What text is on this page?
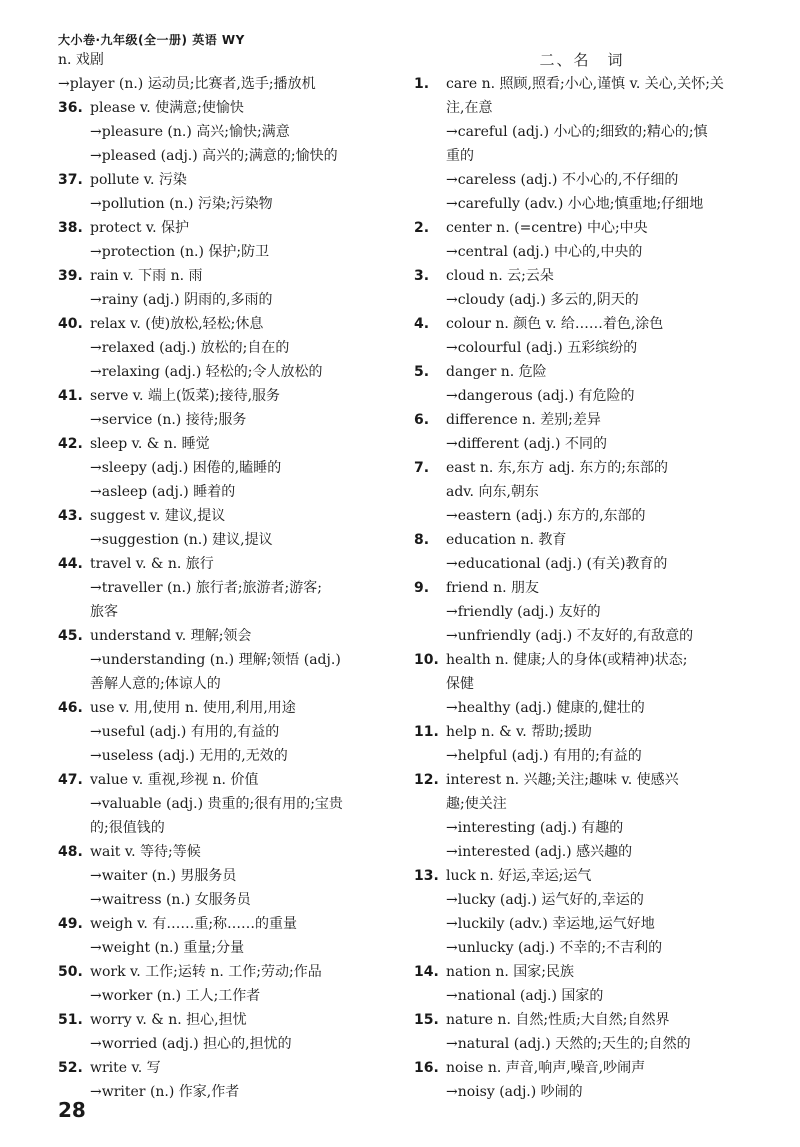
大小卷·九年级(全一册) 英语 WY
n. 戏剧
→player (n.) 运动员;比赛者,选手;播放机
36. please v. 使满意;使愉快
→pleasure (n.) 高兴;愉快;满意
→pleased (adj.) 高兴的;满意的;愉快的
37. pollute v. 污染
→pollution (n.) 污染;污染物
38. protect v. 保护
→protection (n.) 保护;防卫
39. rain v. 下雨 n. 雨
→rainy (adj.) 阴雨的,多雨的
40. relax v. (使)放松,轻松;休息
→relaxed (adj.) 放松的;自在的
→relaxing (adj.) 轻松的;令人放松的
41. serve v. 端上(饭菜);接待,服务
→service (n.) 接待;服务
42. sleep v. & n. 睡觉
→sleepy (adj.) 困倦的,瞌睡的
→asleep (adj.) 睡着的
43. suggest v. 建议,提议
→suggestion (n.) 建议,提议
44. travel v. & n. 旅行
→traveller (n.) 旅行者;旅游者;游客;
旅客
45. understand v. 理解;领会
→understanding (n.) 理解;领悟 (adj.)
善解人意的;体谅人的
46. use v. 用,使用 n. 使用,利用,用途
→useful (adj.) 有用的,有益的
→useless (adj.) 无用的,无效的
47. value v. 重视,珍视 n. 价值
→valuable (adj.) 贵重的;很有用的;宝贵
的;很值钱的
48. wait v. 等待;等候
→waiter (n.) 男服务员
→waitress (n.) 女服务员
49. weigh v. 有……重;称……的重量
→weight (n.) 重量;分量
50. work v. 工作;运转 n. 工作;劳动;作品
→worker (n.) 工人;工作者
51. worry v. & n. 担心,担忧
→worried (adj.) 担心的,担忧的
52. write v. 写
→writer (n.) 作家,作者
二、名　词
1.	care n. 照顾,照看;小心,谨慎 v. 关心,关怀;关
注,在意
→careful (adj.) 小心的;细致的;精心的;慎
重的
→careless (adj.) 不小心的,不仔细的
→carefully (adv.) 小心地;慎重地;仔细地
2.	center n. (=centre) 中心;中央
→central (adj.) 中心的,中央的
3.	cloud n. 云;云朵
→cloudy (adj.) 多云的,阴天的
4.	colour n. 颜色 v. 给……着色,涂色
→colourful (adj.) 五彩缤纷的
5.	danger n. 危险
→dangerous (adj.) 有危险的
6.	difference n. 差别;差异
→different (adj.) 不同的
7.	east n. 东,东方 adj. 东方的;东部的
adv. 向东,朝东
→eastern (adj.) 东方的,东部的
8.	education n. 教育
→educational (adj.) (有关)教育的
9.	friend n. 朋友
→friendly (adj.) 友好的
→unfriendly (adj.) 不友好的,有敌意的
10. health n. 健康;人的身体(或精神)状态;
保健
→healthy (adj.) 健康的,健壮的
11. help n. & v. 帮助;援助
→helpful (adj.) 有用的;有益的
12. interest n. 兴趣;关注;趣味 v. 使感兴
趣;使关注
→interesting (adj.) 有趣的
→interested (adj.) 感兴趣的
13. luck n. 好运,幸运;运气
→lucky (adj.) 运气好的,幸运的
→luckily (adv.) 幸运地,运气好地
→unlucky (adj.) 不幸的;不吉利的
14. nation n. 国家;民族
→national (adj.) 国家的
15. nature n. 自然;性质;大自然;自然界
→natural (adj.) 天然的;天生的;自然的
16. noise n. 声音,响声,噪音,吵闹声
→noisy (adj.) 吵闹的
28
